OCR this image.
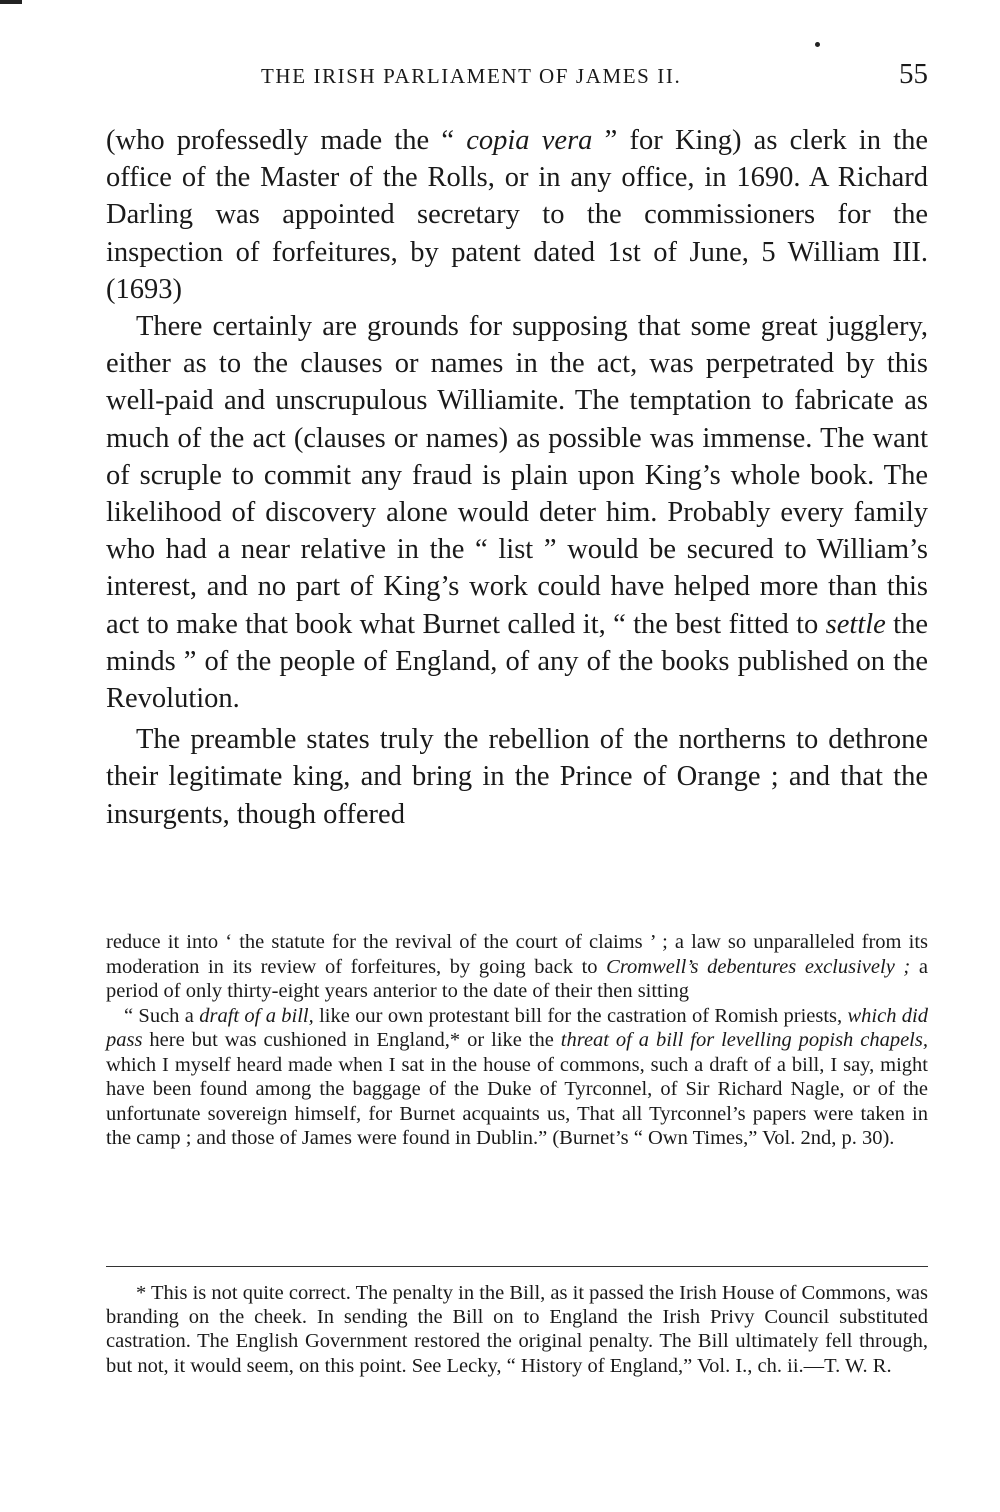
THE IRISH PARLIAMENT OF JAMES II.	55

(who professedly made the “ copia vera ” for King) as clerk in the office of the Master of the Rolls, or in any office, in 1690. A Richard Darling was appointed secretary to the commissioners for the inspection of forfeitures, by patent dated 1st of June, 5 William III. (1693)

There certainly are grounds for supposing that some great jugglery, either as to the clauses or names in the act, was perpetrated by this well-paid and unscrupulous Williamite. The temptation to fabricate as much of the act (clauses or names) as possible was immense. The want of scruple to commit any fraud is plain upon King’s whole book. The likelihood of discovery alone would deter him. Probably every family who had a near relative in the “ list ” would be secured to William’s interest, and no part of King’s work could have helped more than this act to make that book what Burnet called it, “ the best fitted to settle the minds ” of the people of England, of any of the books published on the Revolution.

The preamble states truly the rebellion of the northerns to dethrone their legitimate king, and bring in the Prince of Orange ; and that the insurgents, though offered

reduce it into ‘ the statute for the revival of the court of claims ’ ; a law so unparalleled from its moderation in its review of forfeitures, by going back to Cromwell’s debentures exclusively ; a period of only thirty-eight years anterior to the date of their then sitting

“ Such a draft of a bill, like our own protestant bill for the castration of Romish priests, which did pass here but was cushioned in England,* or like the threat of a bill for levelling popish chapels, which I myself heard made when I sat in the house of commons, such a draft of a bill, I say, might have been found among the baggage of the Duke of Tyrconnel, of Sir Richard Nagle, or of the unfortunate sovereign himself, for Burnet acquaints us, That all Tyrconnel’s papers were taken in the camp ; and those of James were found in Dublin.” (Burnet’s “ Own Times,” Vol. 2nd, p. 30).

* This is not quite correct. The penalty in the Bill, as it passed the Irish House of Commons, was branding on the cheek. In sending the Bill on to England the Irish Privy Council substituted castration. The English Government restored the original penalty. The Bill ultimately fell through, but not, it would seem, on this point. See Lecky, “ History of England,” Vol. I., ch. ii.—T. W. R.
